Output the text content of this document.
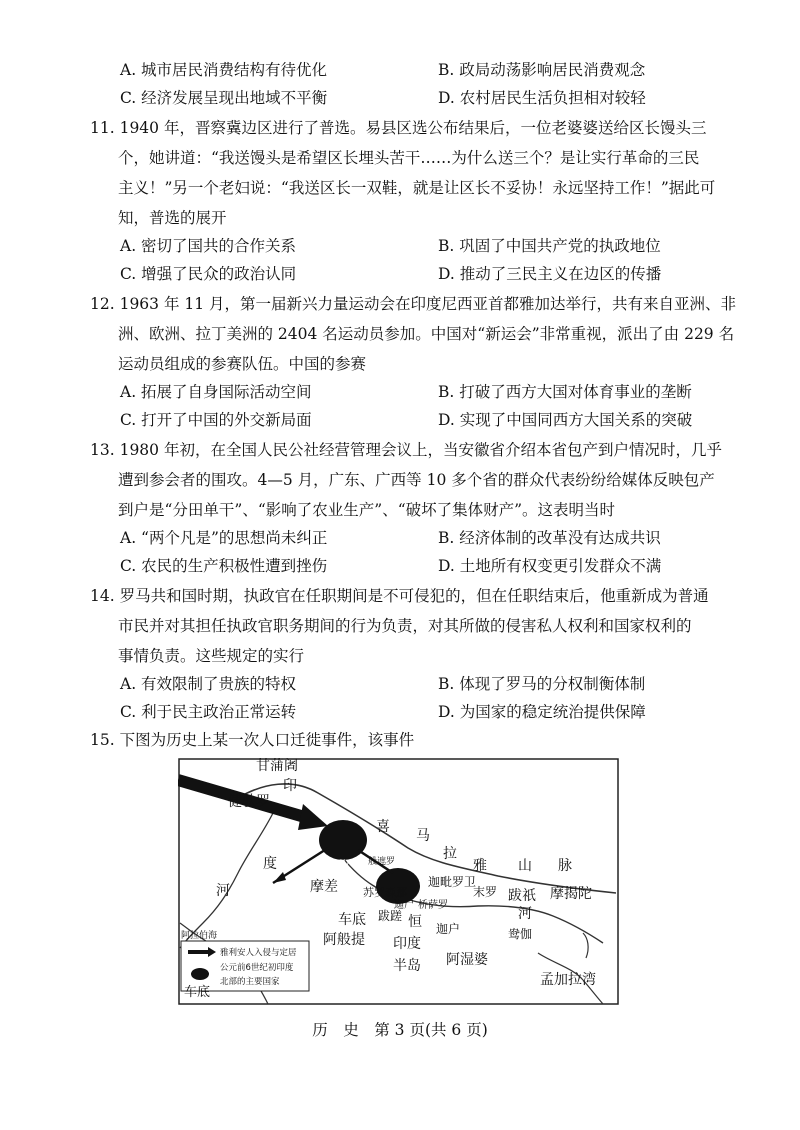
A. 城市居民消费结构有待优化	B. 政局动荡影响居民消费观念
C. 经济发展呈现出地域不平衡	D. 农村居民生活负担相对较轻
11. 1940 年，晋察冀边区进行了普选。易县区选公布结果后，一位老婆婆送给区长馒头三
个，她讲道：“我送馒头是希望区长埋头苦干……为什么送三个？是让实行革命的三民
主义！”另一个老妇说：“我送区长一双鞋，就是让区长不妥协！永远坚持工作！”据此可
知，普选的展开
A. 密切了国共的合作关系	B. 巩固了中国共产党的执政地位
C. 增强了民众的政治认同	D. 推动了三民主义在边区的传播
12. 1963 年 11 月，第一届新兴力量运动会在印度尼西亚首都雅加达举行，共有来自亚洲、非
洲、欧洲、拉丁美洲的 2404 名运动员参加。中国对“新运会”非常重视，派出了由 229 名
运动员组成的参赛队伍。中国的参赛
A. 拓展了自身国际活动空间	B. 打破了西方大国对体育事业的垄断
C. 打开了中国的外交新局面	D. 实现了中国同西方大国关系的突破
13. 1980 年初，在全国人民公社经营管理会议上，当安徽省介绍本省包产到户情况时，几乎
遭到参会者的围攻。4—5 月，广东、广西等 10 多个省的群众代表纷纷给媒体反映包产
到户是“分田单干”、“影响了农业生产”、“破坏了集体财产”。这表明当时
A. “两个凡是”的思想尚未纠正	B. 经济体制的改革没有达成共识
C. 农民的生产积极性遭到挫伤	D. 土地所有权变更引发群众不满
14. 罗马共和国时期，执政官在任职期间是不可侵犯的，但在任职结束后，他重新成为普通
市民并对其担任执政官职务期间的行为负责，对其所做的侵害私人权利和国家权利的
事情负责。这些规定的实行
A. 有效限制了贵族的特权	B. 体现了罗马的分权制衡体制
C. 利于民主政治正常运转	D. 为国家的稳定统治提供保障
15. 下图为历史上某一次人口迁徙事件，该事件
甘蒲阇
印
健驮罗
度
河
喜
马
拉
雅 山 脉
般遮罗
俱卢
摩差 苏罗森那
迦毗罗卫
末罗 跋祇 摩揭陀
迦尸 桥萨罗
车底
阿般提
跋蹉 恒 迦户
河
鸯伽
印度
半岛 阿湿婆
阿拉伯海
孟加拉湾
车底
雅利安人入侵与定居
公元前6世纪初印度
北部的主要国家
历　史　第 3 页(共 6 页)
